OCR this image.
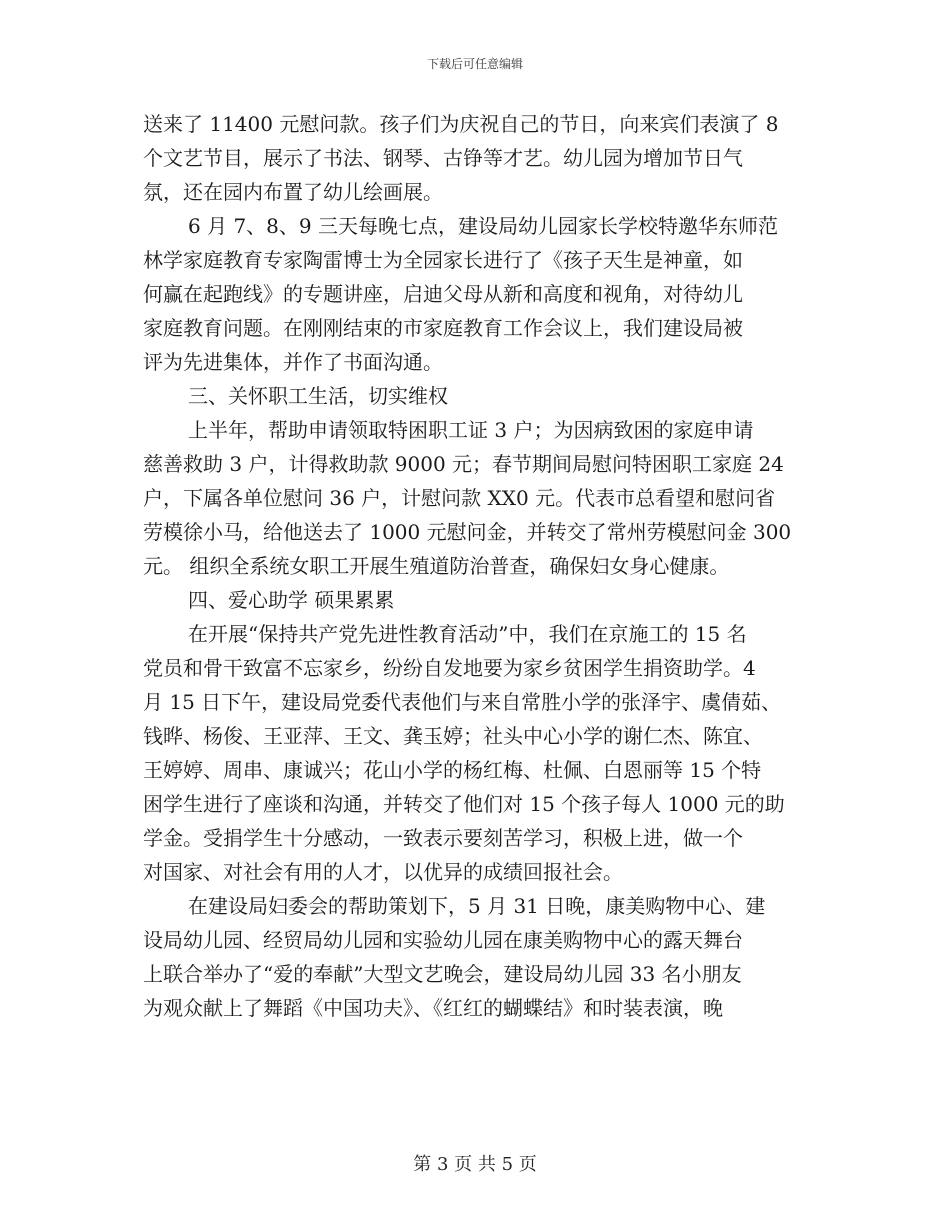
下载后可任意编辑
送来了 11400 元慰问款。孩子们为庆祝自己的节日，向来宾们表演了 8
个文艺节目，展示了书法、钢琴、古铮等才艺。幼儿园为增加节日气
氛，还在园内布置了幼儿绘画展。
6 月 7、8、9 三天每晚七点，建设局幼儿园家长学校特邀华东师范
林学家庭教育专家陶雷博士为全园家长进行了《孩子天生是神童，如
何赢在起跑线》的专题讲座，启迪父母从新和高度和视角，对待幼儿
家庭教育问题。在刚刚结束的市家庭教育工作会议上，我们建设局被
评为先进集体，并作了书面沟通。
三、关怀职工生活，切实维权
上半年，帮助申请领取特困职工证 3 户；为因病致困的家庭申请
慈善救助 3 户，计得救助款 9000 元；春节期间局慰问特困职工家庭 24
户，下属各单位慰问 36 户，计慰问款 XX0 元。代表市总看望和慰问省
劳模徐小马，给他送去了 1000 元慰问金，并转交了常州劳模慰问金 300
元。 组织全系统女职工开展生殖道防治普查，确保妇女身心健康。
四、爱心助学 硕果累累
在开展“保持共产党先进性教育活动”中，我们在京施工的 15 名
党员和骨干致富不忘家乡，纷纷自发地要为家乡贫困学生捐资助学。4
月 15 日下午，建设局党委代表他们与来自常胜小学的张泽宇、虞倩茹、
钱晔、杨俊、王亚萍、王文、龚玉婷；社头中心小学的谢仁杰、陈宜、
王婷婷、周串、康诚兴；花山小学的杨红梅、杜佩、白恩丽等 15 个特
困学生进行了座谈和沟通，并转交了他们对 15 个孩子每人 1000 元的助
学金。受捐学生十分感动，一致表示要刻苦学习，积极上进，做一个
对国家、对社会有用的人才，以优异的成绩回报社会。
在建设局妇委会的帮助策划下，5 月 31 日晚，康美购物中心、建
设局幼儿园、经贸局幼儿园和实验幼儿园在康美购物中心的露天舞台
上联合举办了“爱的奉献”大型文艺晚会，建设局幼儿园 33 名小朋友
为观众献上了舞蹈《中国功夫》、《红红的蝴蝶结》和时装表演，晚
第 3 页 共 5 页
